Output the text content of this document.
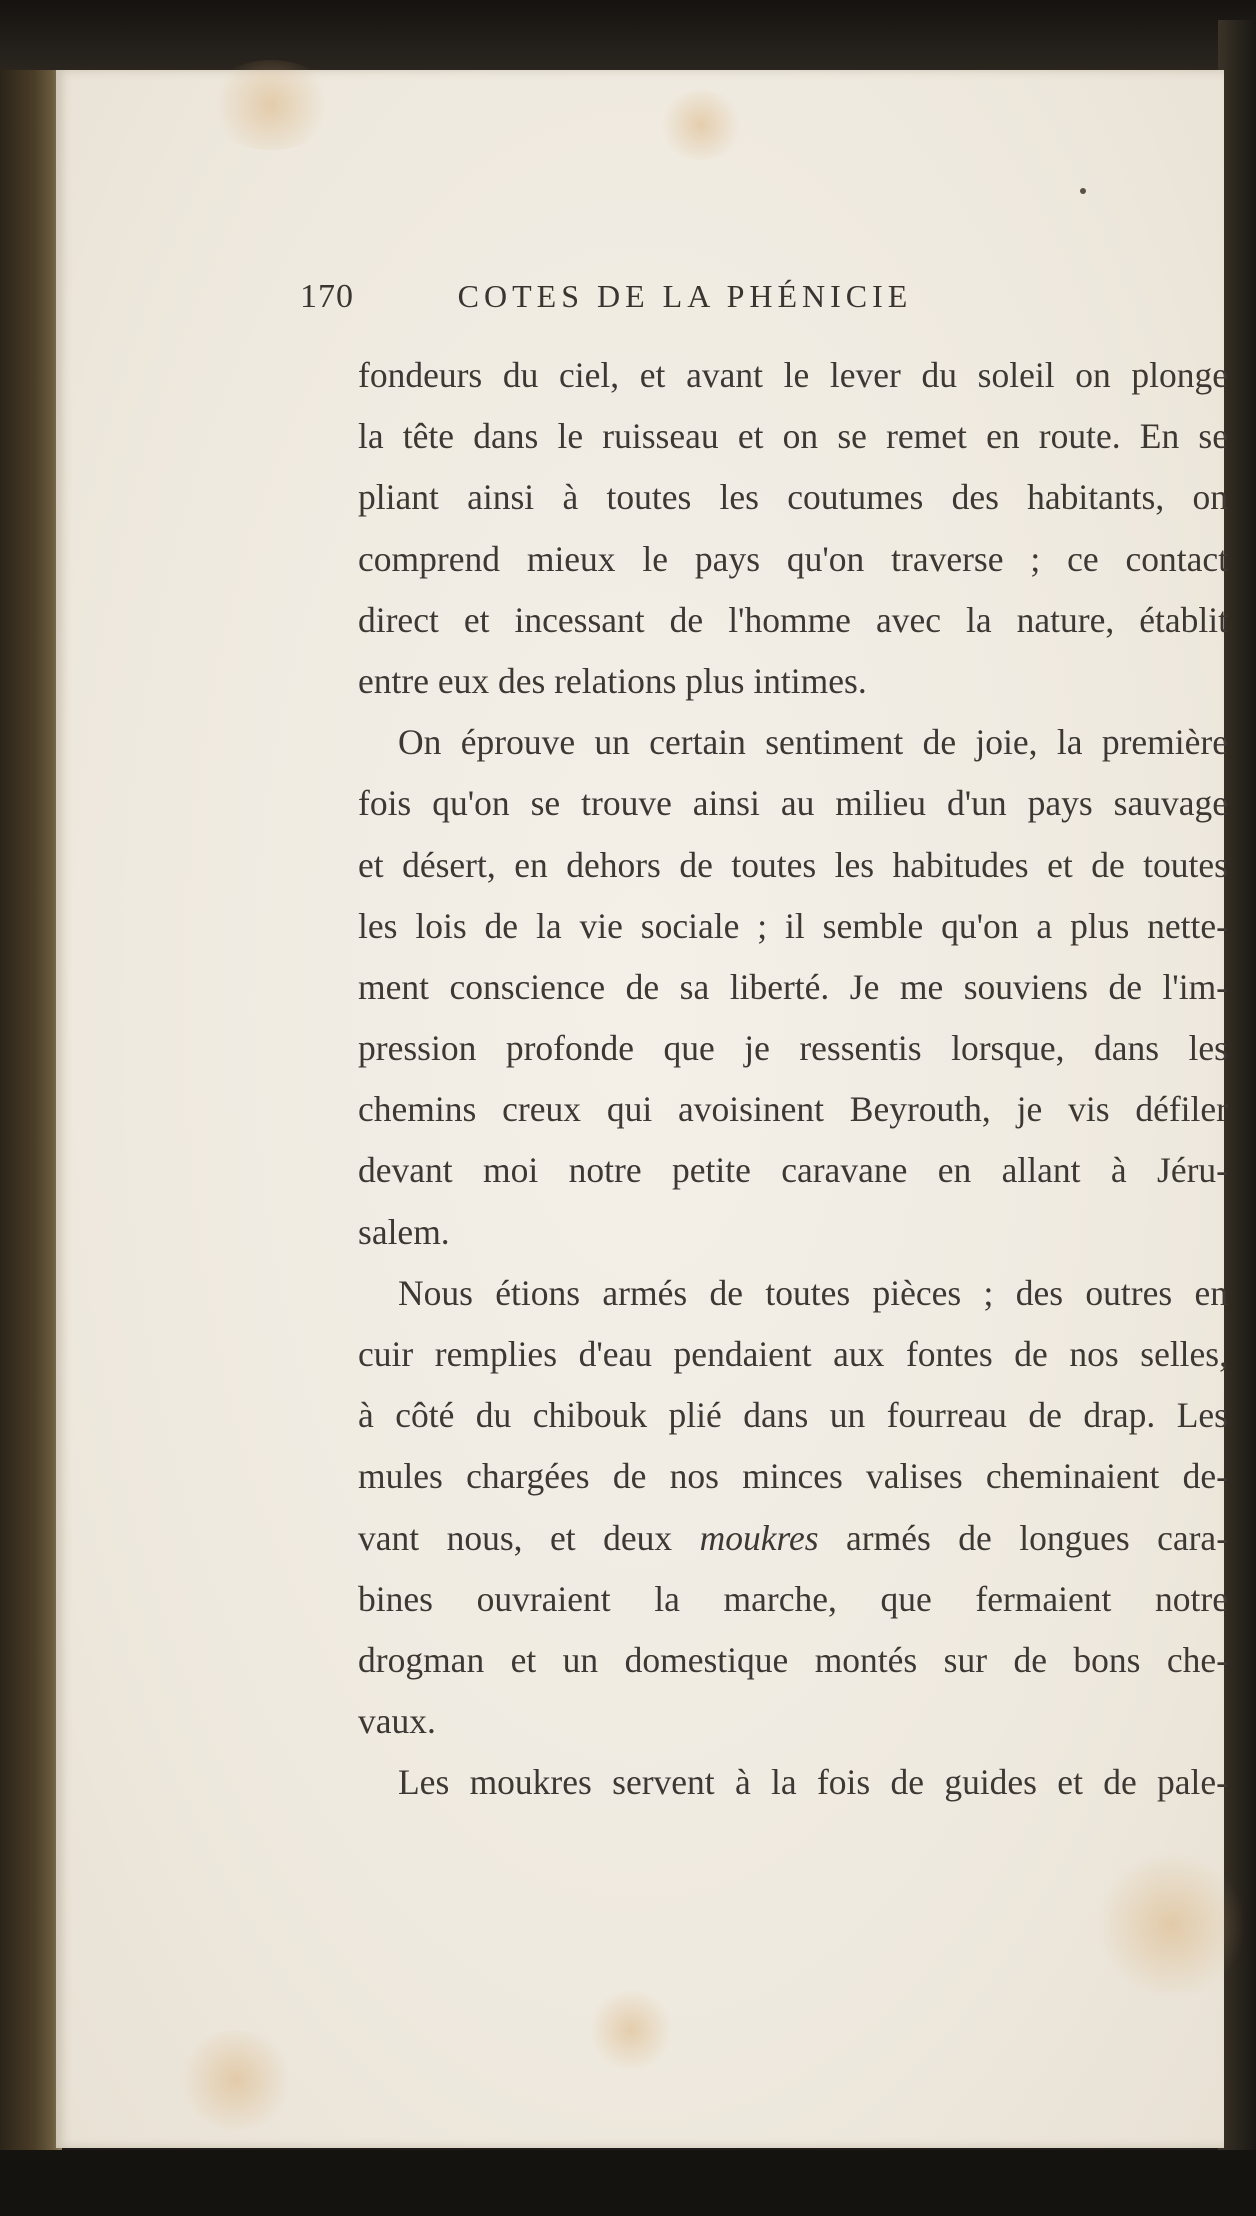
170	COTES DE LA PHÉNICIE
fondeurs du ciel, et avant le lever du soleil on plonge
la tête dans le ruisseau et on se remet en route. En se
pliant ainsi à toutes les coutumes des habitants, on
comprend mieux le pays qu'on traverse ; ce contact
direct et incessant de l'homme avec la nature, établit
entre eux des relations plus intimes.
On éprouve un certain sentiment de joie, la première
fois qu'on se trouve ainsi au milieu d'un pays sauvage
et désert, en dehors de toutes les habitudes et de toutes
les lois de la vie sociale ; il semble qu'on a plus nette-
ment conscience de sa liberté. Je me souviens de l'im-
pression profonde que je ressentis lorsque, dans les
chemins creux qui avoisinent Beyrouth, je vis défiler
devant moi notre petite caravane en allant à Jéru-
salem.
Nous étions armés de toutes pièces ; des outres en
cuir remplies d'eau pendaient aux fontes de nos selles,
à côté du chibouk plié dans un fourreau de drap. Les
mules chargées de nos minces valises cheminaient de-
vant nous, et deux moukres armés de longues cara-
bines ouvraient la marche, que fermaient notre
drogman et un domestique montés sur de bons che-
vaux.
Les moukres servent à la fois de guides et de pale-
